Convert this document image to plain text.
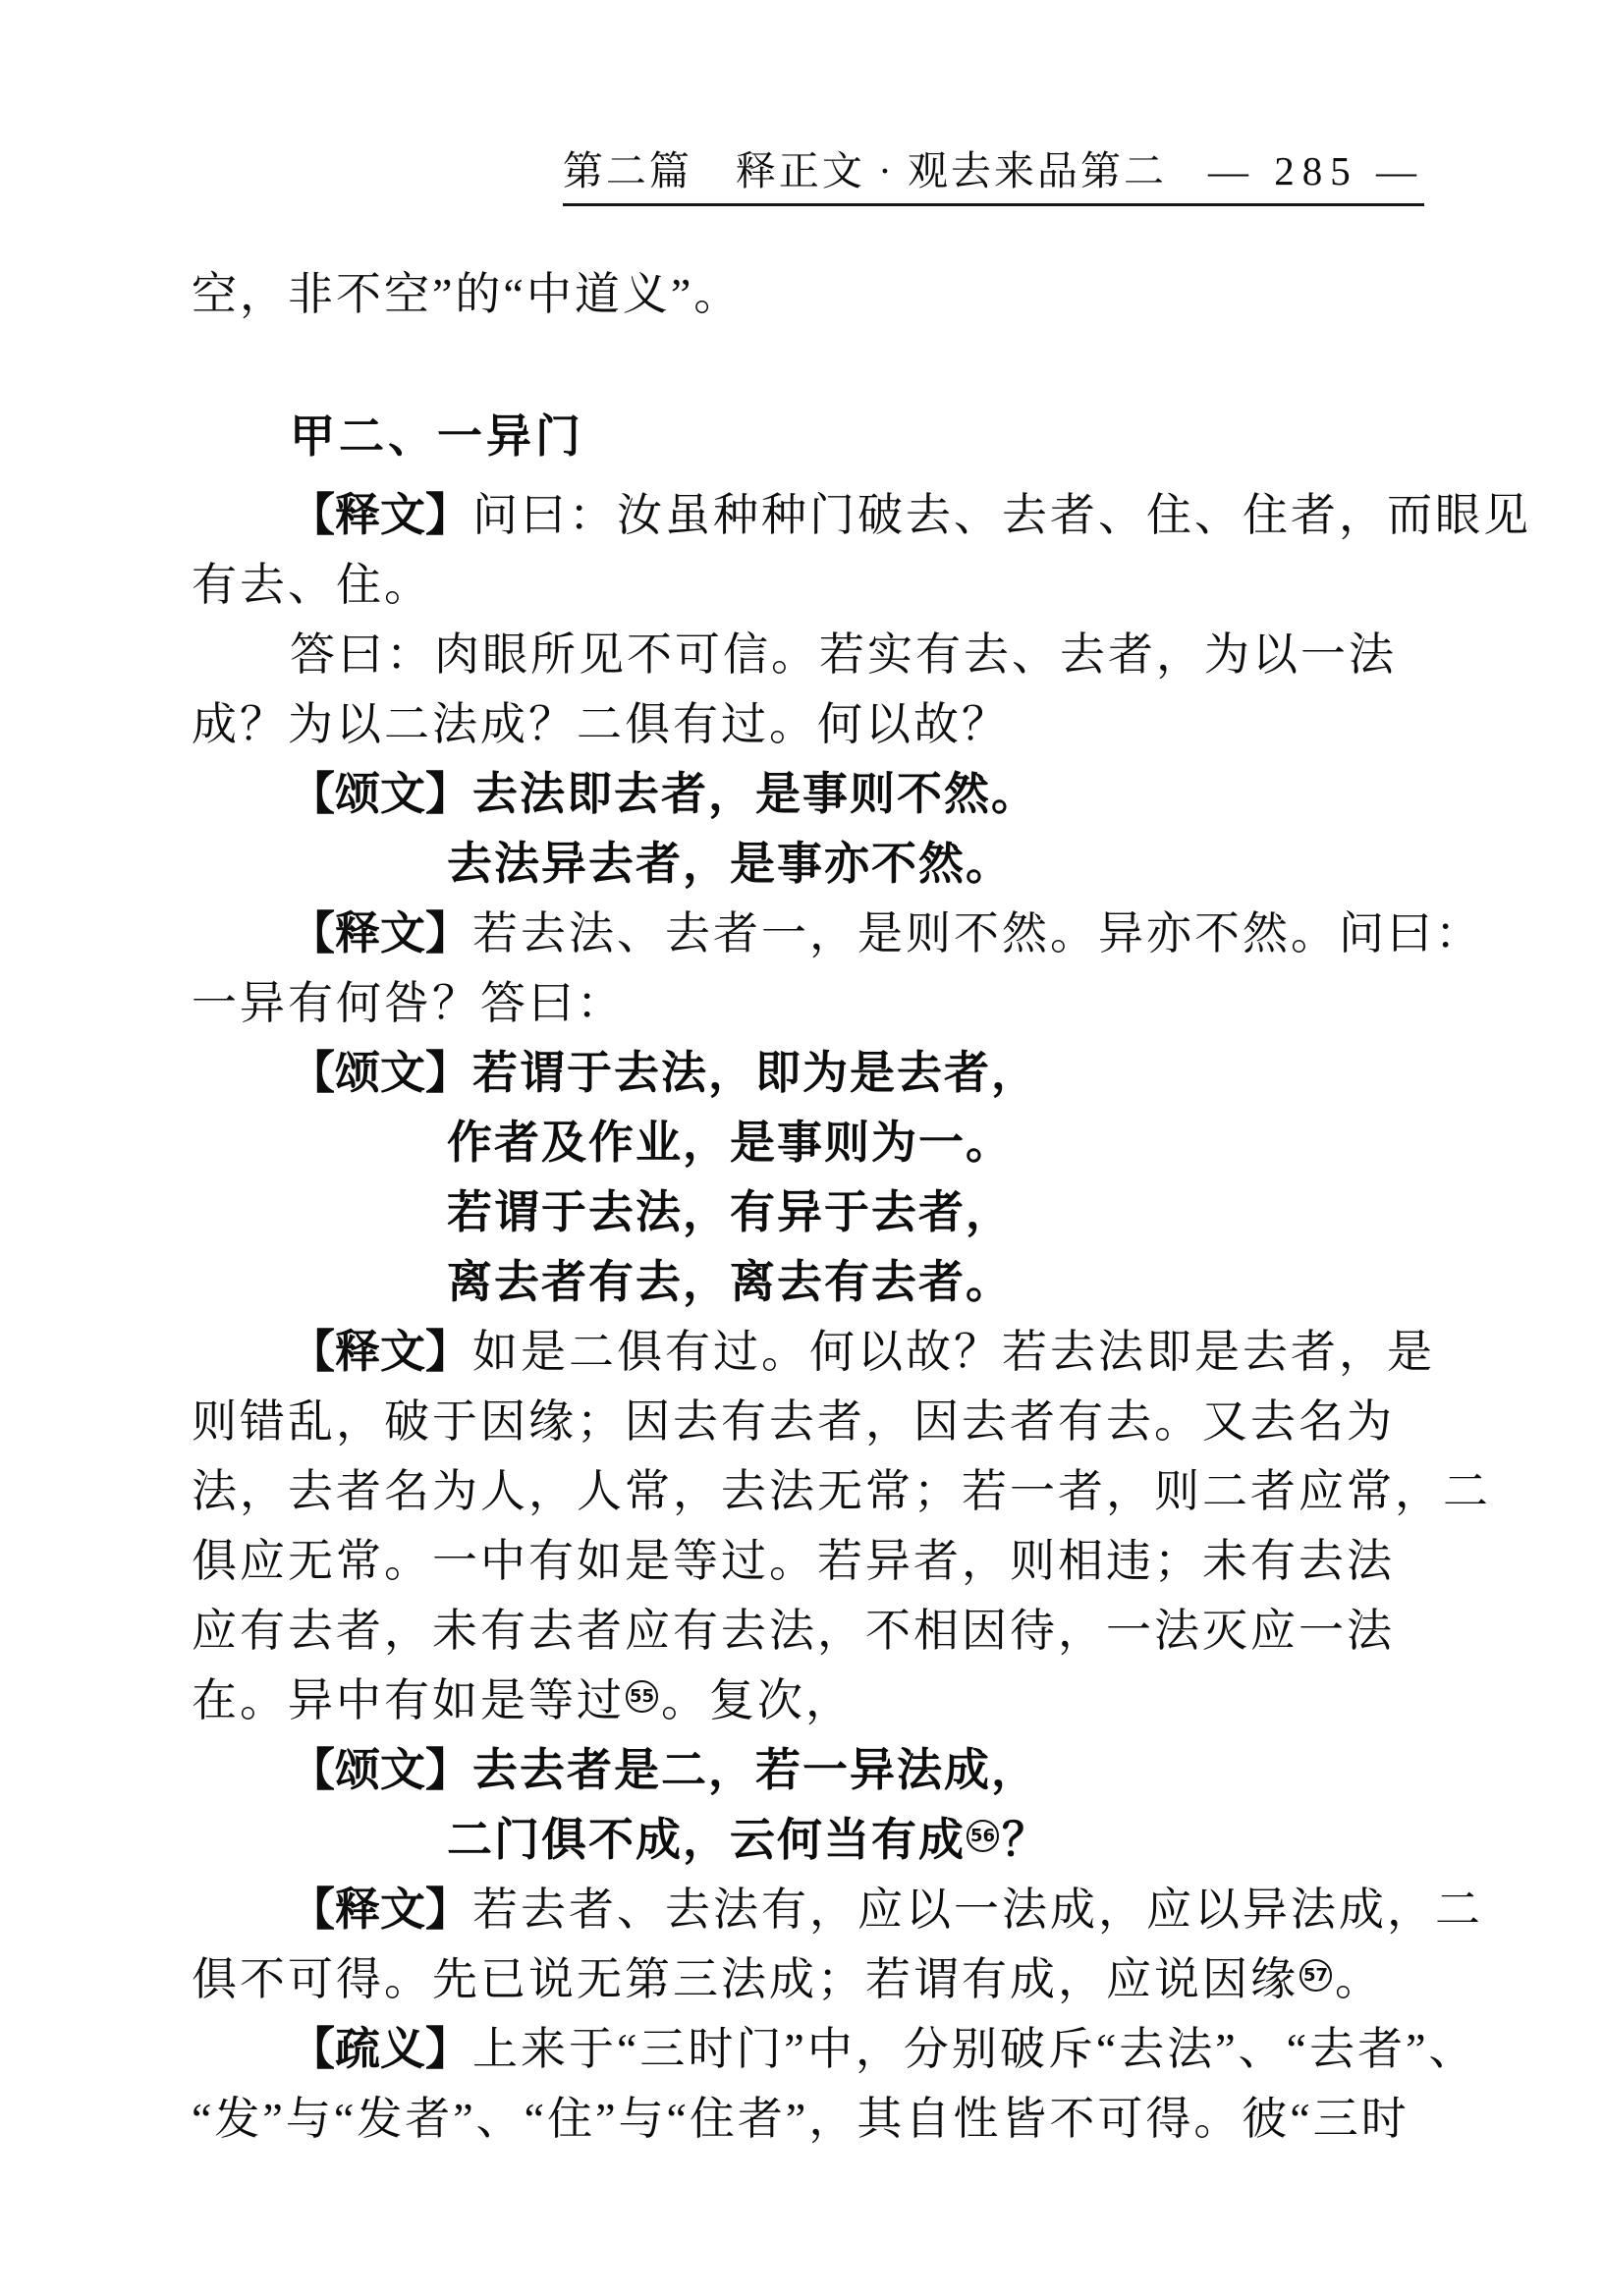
第二篇　释正文 · 观去来品第二 — 285 —
空，非不空”的“中道义”。
甲二、一异门
【释文】问曰：汝虽种种门破去、去者、住、住者，而眼见
有去、住。
答曰：肉眼所见不可信。若实有去、去者，为以一法
成？为以二法成？二俱有过。何以故？
【颂文】去法即去者，是事则不然。
去法异去者，是事亦不然。
【释文】若去法、去者一，是则不然。异亦不然。问曰：
一异有何咎？答曰：
【颂文】若谓于去法，即为是去者，
作者及作业，是事则为一。
若谓于去法，有异于去者，
离去者有去，离去有去者。
【释文】如是二俱有过。何以故？若去法即是去者，是
则错乱，破于因缘；因去有去者，因去者有去。又去名为
法，去者名为人，人常，去法无常；若一者，则二者应常，二
俱应无常。一中有如是等过。若异者，则相违；未有去法
应有去者，未有去者应有去法，不相因待，一法灭应一法
在。异中有如是等过 55 。复次，
【颂文】去去者是二，若一异法成，
二门俱不成，云何当有成 56 ？
【释文】若去者、去法有，应以一法成，应以异法成，二
俱不可得。先已说无第三法成；若谓有成，应说因缘 57 。
【疏义】上来于“三时门”中，分别破斥“去法”、“去者”、
“发”与“发者”、“住”与“住者”，其自性皆不可得。彼“三时
